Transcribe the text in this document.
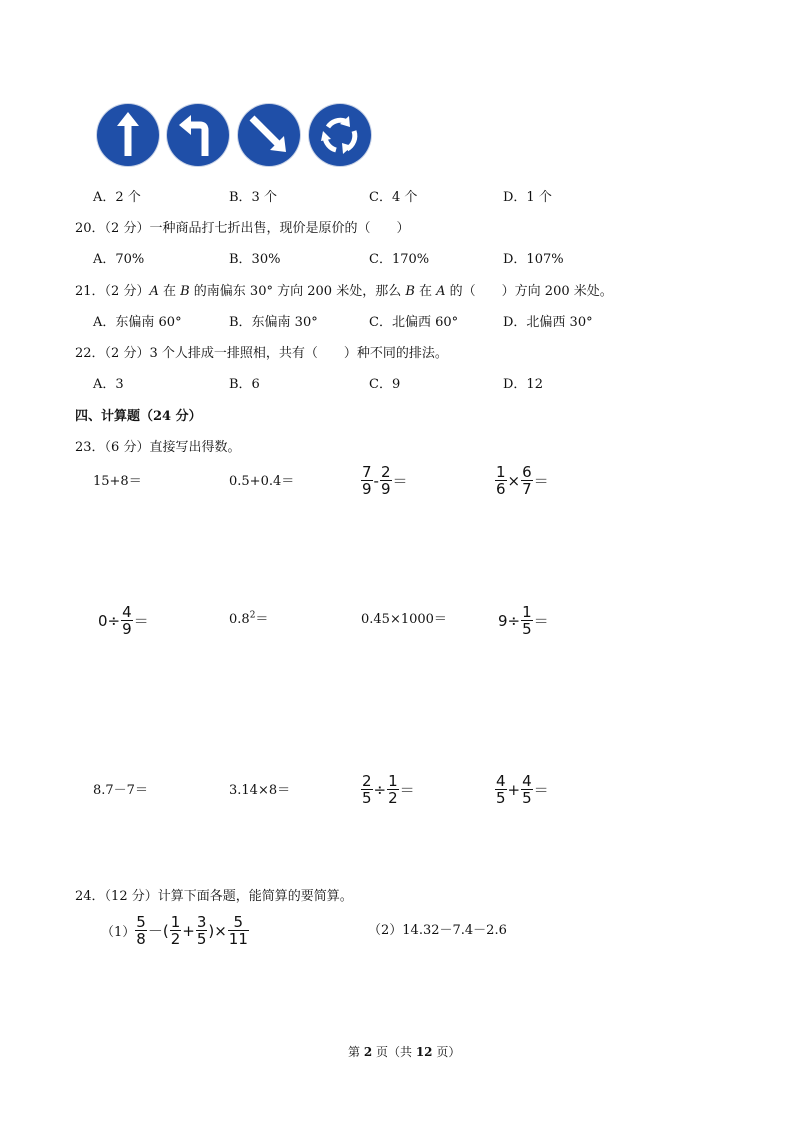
A．2 个	B．3 个	C．4 个	D．1 个
20．（2 分）一种商品打七折出售，现价是原价的（　　）
A．70%	B．30%	C．170%	D．107%
21．（2 分）A 在 B 的南偏东 30° 方向 200 米处，那么 B 在 A 的（　　）方向 200 米处。
A．东偏南 60°	B．东偏南 30°	C．北偏西 60°	D．北偏西 30°
22．（2 分）3 个人排成一排照相，共有（　　）种不同的排法。
A．3	B．6	C．9	D．12
四、计算题（24 分）
23．（6 分）直接写出得数。
15+8＝	0.5+0.4＝	$\frac{7}{9} - \frac{2}{9}$ ＝	$\frac{1}{6} \times \frac{6}{7}$ ＝
$0\div \frac{4}{9}$ ＝	$0.8^2=$	0.45×1000＝	$9\div \frac{1}{5}$ ＝
8.7－7＝	3.14×8＝	$\frac{2}{5} \div \frac{1}{2}$ ＝	$\frac{4}{5} + \frac{4}{5}$ ＝
24．（12 分）计算下面各题，能简算的要简算。
$(1) \frac{5}{8}$ －( $\frac{1}{2} + \frac{3}{5}$ )× $\frac{5}{11}$	（2）14.32－7.4－2.6
第 2 页（共 12 页）
